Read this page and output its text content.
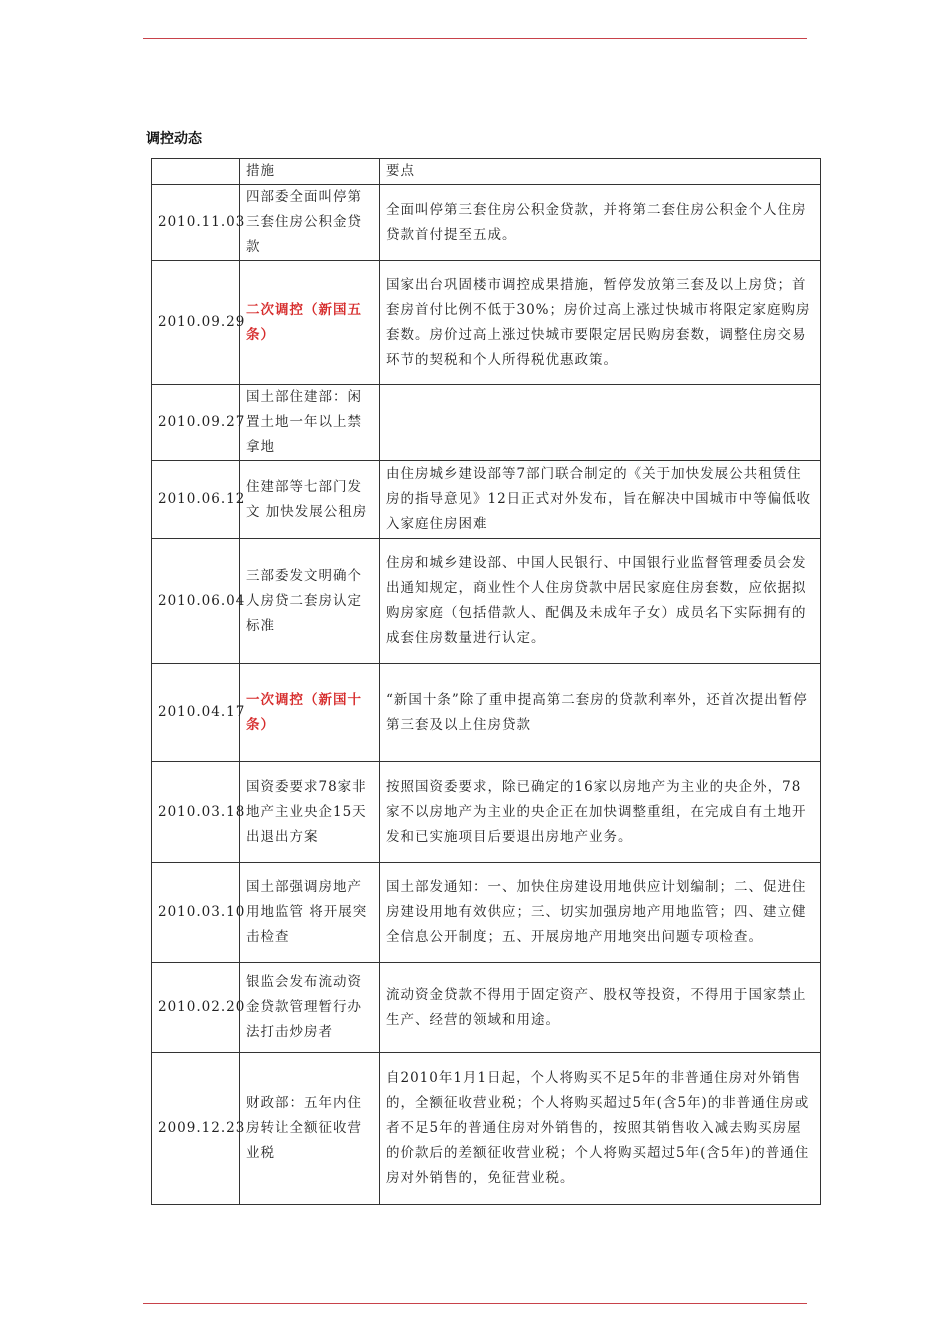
调控动态
	措施	要点
2010.11.03	四部委全面叫停第三套住房公积金贷款	全面叫停第三套住房公积金贷款，并将第二套住房公积金个人住房贷款首付提至五成。
2010.09.29	二次调控（新国五条）	国家出台巩固楼市调控成果措施，暂停发放第三套及以上房贷；首套房首付比例不低于30%；房价过高上涨过快城市将限定家庭购房套数。房价过高上涨过快城市要限定居民购房套数，调整住房交易环节的契税和个人所得税优惠政策。
2010.09.27	国土部住建部：闲置土地一年以上禁拿地	
2010.06.12	住建部等七部门发文 加快发展公租房	由住房城乡建设部等7部门联合制定的《关于加快发展公共租赁住房的指导意见》12日正式对外发布，旨在解决中国城市中等偏低收入家庭住房困难
2010.06.04	三部委发文明确个人房贷二套房认定标准	住房和城乡建设部、中国人民银行、中国银行业监督管理委员会发出通知规定，商业性个人住房贷款中居民家庭住房套数，应依据拟购房家庭（包括借款人、配偶及未成年子女）成员名下实际拥有的成套住房数量进行认定。
2010.04.17	一次调控（新国十条）	“新国十条”除了重申提高第二套房的贷款利率外，还首次提出暂停第三套及以上住房贷款
2010.03.18	国资委要求78家非地产主业央企15天出退出方案	按照国资委要求，除已确定的16家以房地产为主业的央企外，78家不以房地产为主业的央企正在加快调整重组，在完成自有土地开发和已实施项目后要退出房地产业务。
2010.03.10	国土部强调房地产用地监管 将开展突击检查	国土部发通知：一、加快住房建设用地供应计划编制；二、促进住房建设用地有效供应；三、切实加强房地产用地监管；四、建立健全信息公开制度；五、开展房地产用地突出问题专项检查。
2010.02.20	银监会发布流动资金贷款管理暂行办法打击炒房者	流动资金贷款不得用于固定资产、股权等投资，不得用于国家禁止生产、经营的领域和用途。
2009.12.23	财政部：五年内住房转让全额征收营业税	自2010年1月1日起，个人将购买不足5年的非普通住房对外销售的，全额征收营业税；个人将购买超过5年(含5年)的非普通住房或者不足5年的普通住房对外销售的，按照其销售收入减去购买房屋的价款后的差额征收营业税；个人将购买超过5年(含5年)的普通住房对外销售的，免征营业税。
